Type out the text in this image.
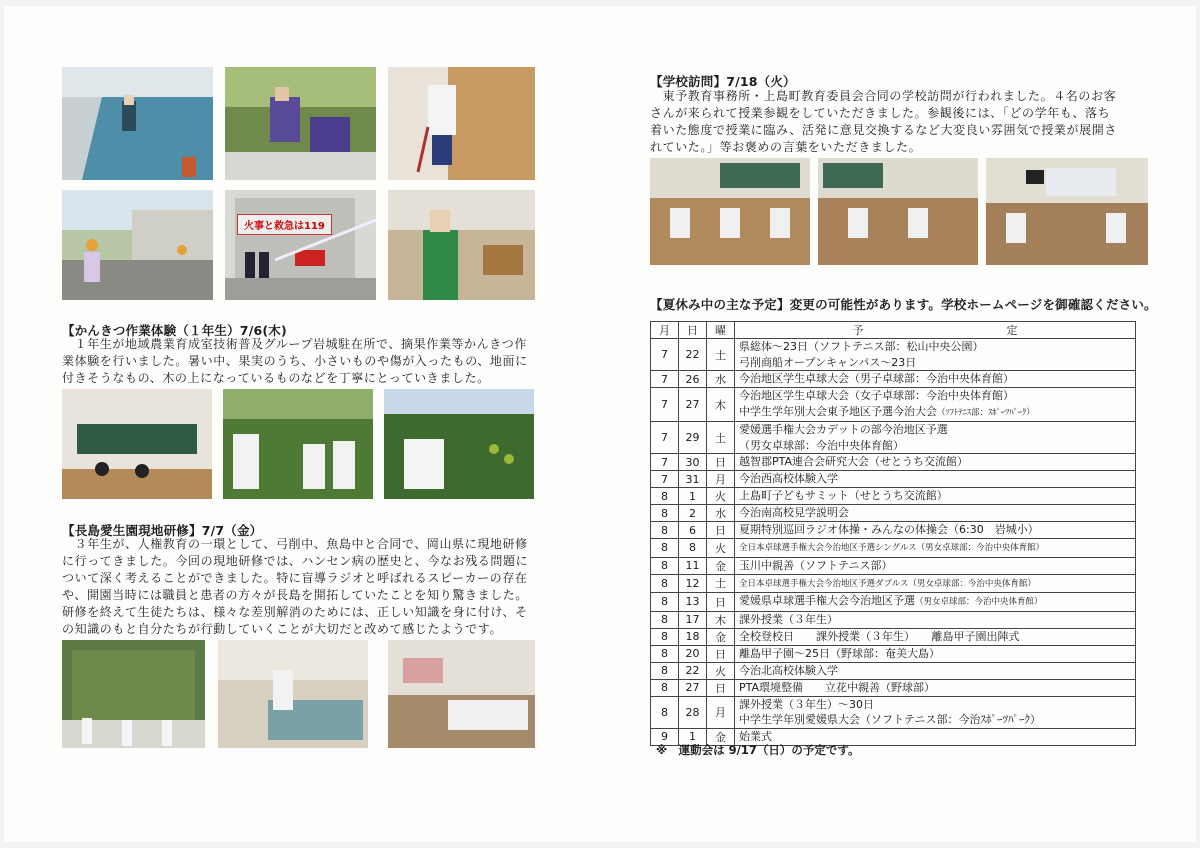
火事と救急は119
【かんきつ作業体験（１年生）7/6(木)

　１年生が地域農業育成室技術普及グループ岩城駐在所で、摘果作業等かんきつ作

業体験を行いました。暑い中、果実のうち、小さいものや傷が入ったもの、地面に

付きそうなもの、木の上になっているものなどを丁寧にとっていきました。

【長島愛生園現地研修】7/7（金）

　３年生が、人権教育の一環として、弓削中、魚島中と合同で、岡山県に現地研修

に行ってきました。今回の現地研修では、ハンセン病の歴史と、今なお残る問題に

ついて深く考えることができました。特に盲導ラジオと呼ばれるスピーカーの存在

や、開園当時には職員と患者の方々が長島を開拓していたことを知り驚きました。

研修を終えて生徒たちは、様々な差別解消のためには、正しい知識を身に付け、そ

の知識のもと自分たちが行動していくことが大切だと改めて感じたようです。

【学校訪問】7/18（火）

　東予教育事務所・上島町教育委員会合同の学校訪問が行われました。４名のお客

さんが来られて授業参観をしていただきました。参観後には、「どの学年も、落ち

着いた態度で授業に臨み、活発に意見交換するなど大変良い雰囲気で授業が展開さ

れていた。」等お褒めの言葉をいただきました。

【夏休み中の主な予定】変更の可能性があります。学校ホームページを御確認ください。
月	日	曜	予　　　　　　　　　　　　　定
7	22	土	県総体～23日（ソフトテニス部：松山中央公園）
弓削商船オープンキャンパス～23日

7	26	水	今治地区学生卓球大会（男子卓球部：今治中央体育館）

7	27	木	今治地区学生卓球大会（女子卓球部：今治中央体育館）
中学生学年別大会東予地区予選今治大会（ｿﾌﾄﾃﾆｽ部：ｽﾎﾟｰﾂﾊﾟｰｸ）

7	29	土	愛媛選手権大会カデットの部今治地区予選
（男女卓球部：今治中央体育館）

7	30	日	越智郡PTA連合会研究大会（せとうち交流館）

7	31	月	今治西高校体験入学

8	1	火	上島町子どもサミット（せとうち交流館）

8	2	水	今治南高校見学説明会

8	6	日	夏期特別巡回ラジオ体操・みんなの体操会（6:30　岩城小）

8	8	火	全日本卓球選手権大会今治地区予選シングルス（男女卓球部：今治中央体育館）

8	11	金	玉川中親善（ソフトテニス部）

8	12	土	全日本卓球選手権大会今治地区予選ダブルス（男女卓球部：今治中央体育館）

8	13	日	愛媛県卓球選手権大会今治地区予選（男女卓球部：今治中央体育館）

8	17	木	課外授業（３年生）

8	18	金	全校登校日　　課外授業（３年生）　　離島甲子園出陣式

8	20	日	離島甲子園～25日（野球部：奄美大島）

8	22	火	今治北高校体験入学

8	27	日	PTA環境整備　　立花中親善（野球部）

8	28	月	課外授業（３年生）～30日
中学生学年別愛媛県大会（ソフトテニス部：今治ｽﾎﾟｰﾂﾊﾟｰｸ）

9	1	金	始業式
※　運動会は 9/17（日）の予定です。
